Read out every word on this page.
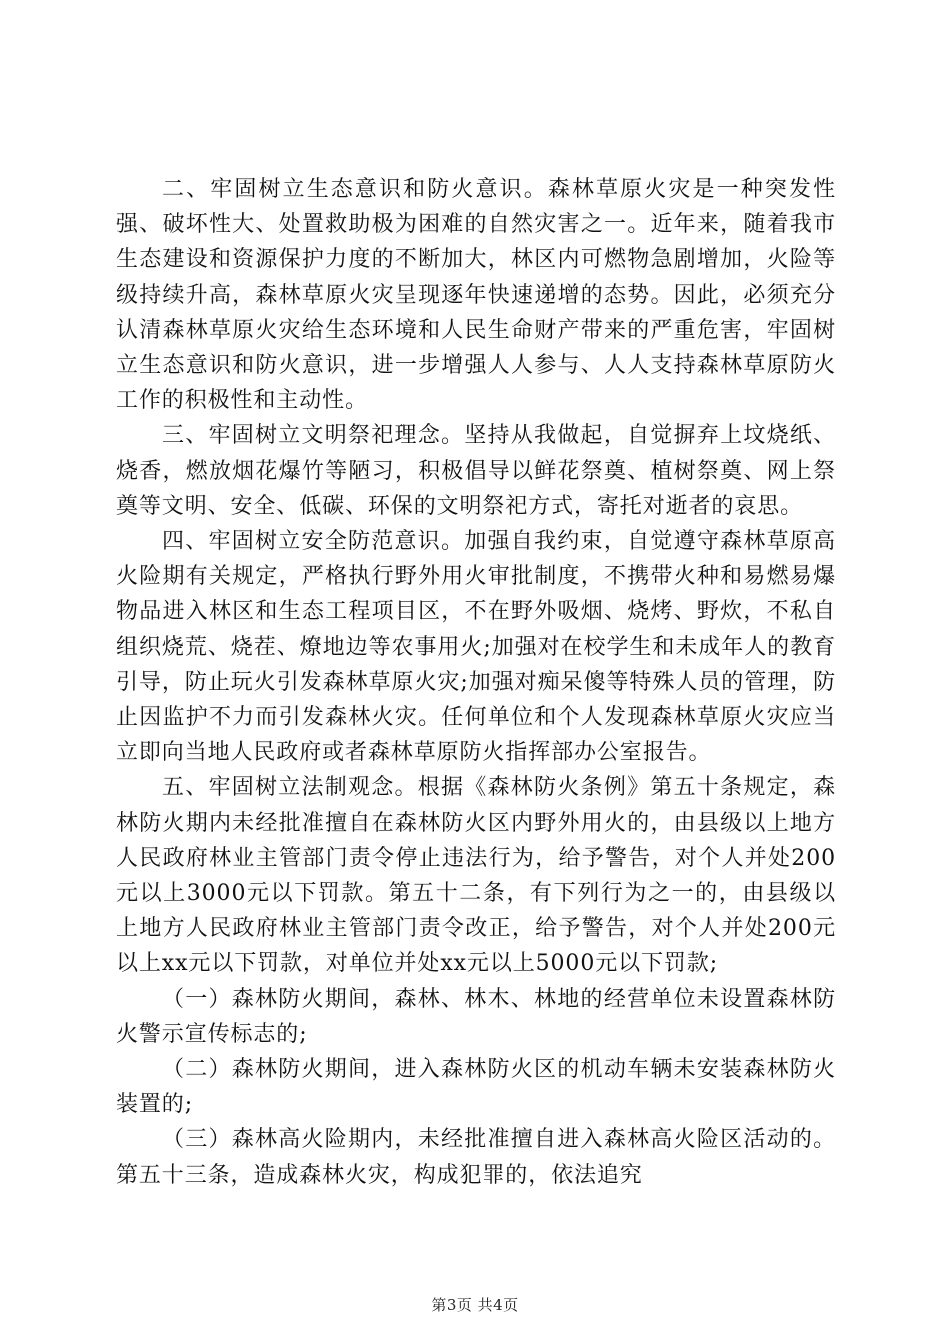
二、牢固树立生态意识和防火意识。森林草原火灾是一种突发性强、破坏性大、处置救助极为困难的自然灾害之一。近年来，随着我市生态建设和资源保护力度的不断加大，林区内可燃物急剧增加，火险等级持续升高，森林草原火灾呈现逐年快速递增的态势。因此，必须充分认清森林草原火灾给生态环境和人民生命财产带来的严重危害，牢固树立生态意识和防火意识，进一步增强人人参与、人人支持森林草原防火工作的积极性和主动性。

三、牢固树立文明祭祀理念。坚持从我做起，自觉摒弃上坟烧纸、烧香，燃放烟花爆竹等陋习，积极倡导以鲜花祭奠、植树祭奠、网上祭奠等文明、安全、低碳、环保的文明祭祀方式，寄托对逝者的哀思。

四、牢固树立安全防范意识。加强自我约束，自觉遵守森林草原高火险期有关规定，严格执行野外用火审批制度，不携带火种和易燃易爆物品进入林区和生态工程项目区，不在野外吸烟、烧烤、野炊，不私自组织烧荒、烧茬、燎地边等农事用火;加强对在校学生和未成年人的教育引导，防止玩火引发森林草原火灾;加强对痴呆傻等特殊人员的管理，防止因监护不力而引发森林火灾。任何单位和个人发现森林草原火灾应当立即向当地人民政府或者森林草原防火指挥部办公室报告。

五、牢固树立法制观念。根据《森林防火条例》第五十条规定，森林防火期内未经批准擅自在森林防火区内野外用火的，由县级以上地方人民政府林业主管部门责令停止违法行为，给予警告，对个人并处200元以上3000元以下罚款。第五十二条，有下列行为之一的，由县级以上地方人民政府林业主管部门责令改正，给予警告，对个人并处200元以上xx元以下罚款，对单位并处xx元以上5000元以下罚款;

（一）森林防火期间，森林、林木、林地的经营单位未设置森林防火警示宣传标志的;

（二）森林防火期间，进入森林防火区的机动车辆未安装森林防火装置的;

（三）森林高火险期内，未经批准擅自进入森林高火险区活动的。第五十三条，造成森林火灾，构成犯罪的，依法追究

第3页 共4页
